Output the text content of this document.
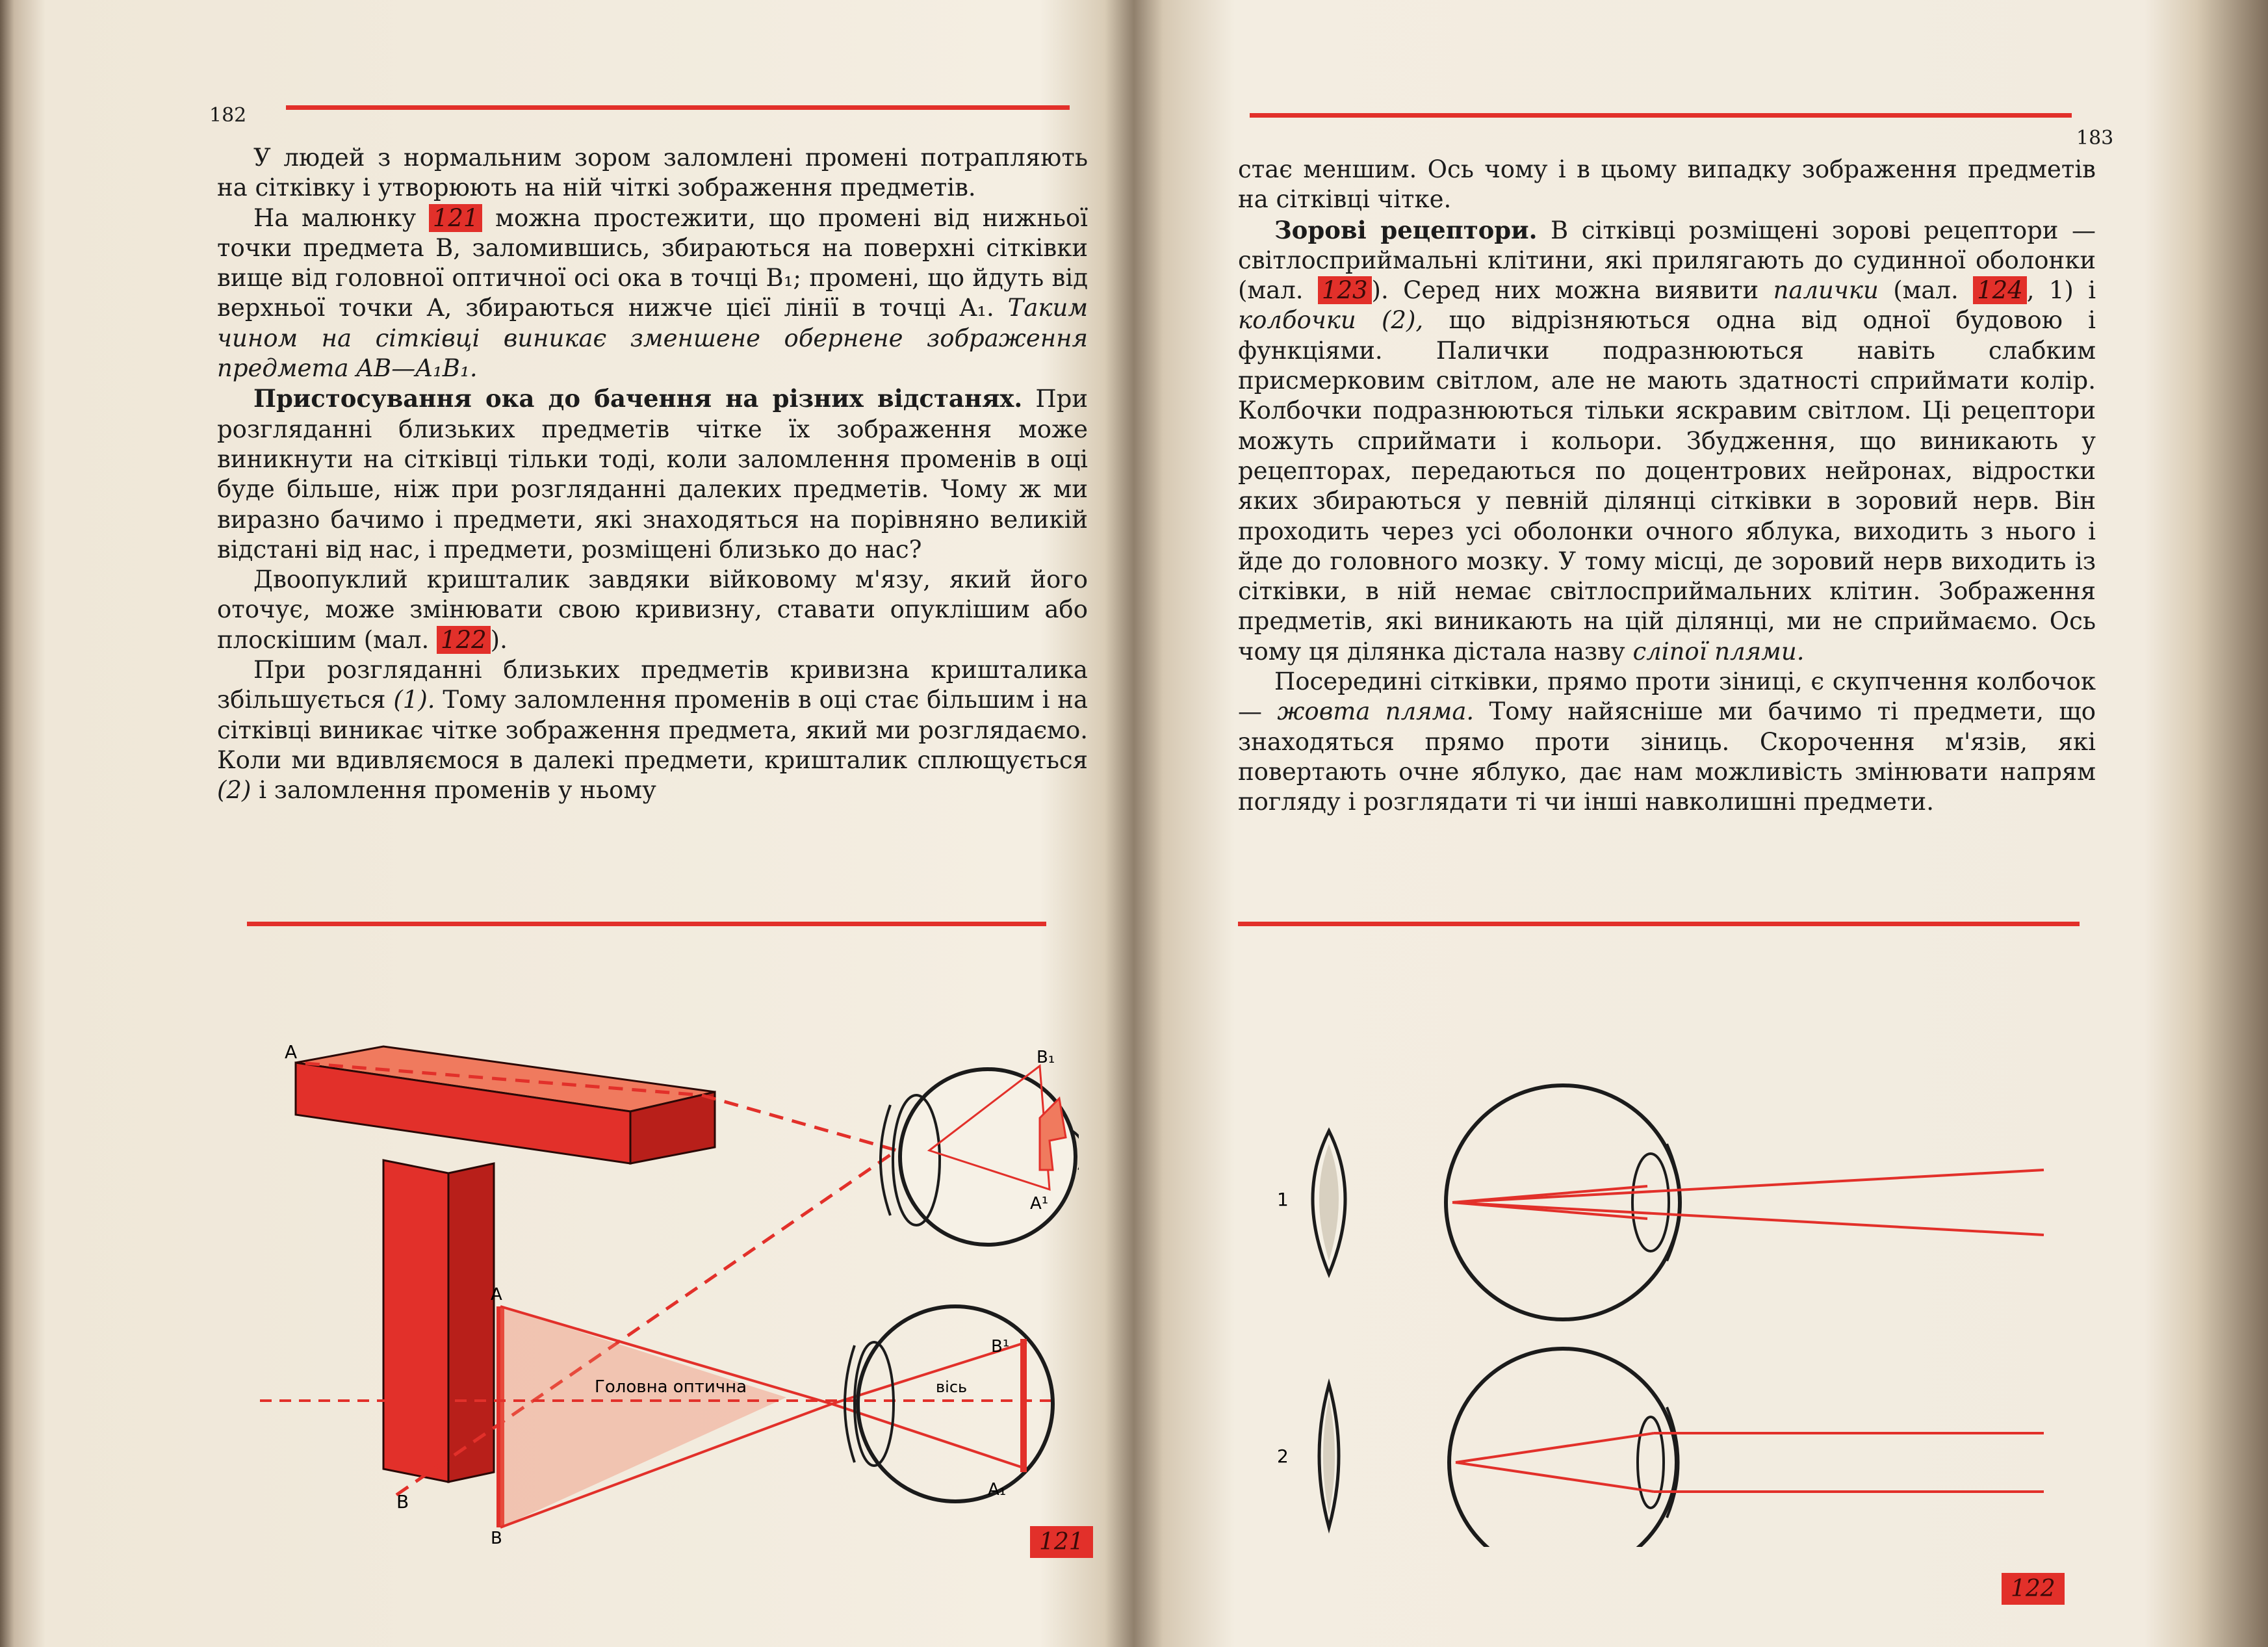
182

У людей з нормальним зором заломлені промені потрапляють на сітківку і утворюють на ній чіткі зображення предметів.

На малюнку 121 можна простежити, що промені від нижньої точки предмета B, заломившись, збираються на поверхні сітківки вище від головної оптичної осі ока в точці B₁; промені, що йдуть від верхньої точки A, збираються нижче цієї лінії в точці A₁. Таким чином на сітківці виникає зменшене обернене зображення предмета AB—A₁B₁.

Пристосування ока до бачення на різних відстанях. При розгляданні близьких предметів чітке їх зображення може виникнути на сітківці тільки тоді, коли заломлення променів в оці буде більше, ніж при розгляданні далеких предметів. Чому ж ми виразно бачимо і предмети, які знаходяться на порівняно великій відстані від нас, і предмети, розміщені близько до нас?

Двоопуклий кришталик завдяки війковому м'язу, який його оточує, може змінювати свою кривизну, ставати опуклішим або плоскішим (мал. 122 ).

При розгляданні близьких предметів кривизна кришталика збільшується (1). Тому заломлення променів в оці стає більшим і на сітківці виникає чітке зображення предмета, який ми розглядаємо. Коли ми вдивляємося в далекі предмети, кришталик сплющується (2) і заломлення променів у ньому

A
B
B₁
A¹
A
B
Головна оптична	вісь
B¹
A₁
121
183

стає меншим. Ось чому і в цьому випадку зображення предметів на сітківці чітке.

Зорові рецептори. В сітківці розміщені зорові рецептори — світлосприймальні клітини, які прилягають до судинної оболонки (мал. 123 ). Серед них можна виявити палички (мал. 124 , 1) і колбочки (2), що відрізняються одна від одної будовою і функціями. Палички подразнюються навіть слабким присмерковим світлом, але не мають здатності сприймати колір. Колбочки подразнюються тільки яскравим світлом. Ці рецептори можуть сприймати і кольори. Збудження, що виникають у рецепторах, передаються по доцентрових нейронах, відростки яких збираються у певній ділянці сітківки в зоровий нерв. Він проходить через усі оболонки очного яблука, виходить з нього і йде до головного мозку. У тому місці, де зоровий нерв виходить із сітківки, в ній немає світлосприймальних клітин. Зображення предметів, які виникають на цій ділянці, ми не сприймаємо. Ось чому ця ділянка дістала назву сліпої плями.

Посередині сітківки, прямо проти зіниці, є скупчення колбочок — жовта пляма. Тому найясніше ми бачимо ті предмети, що знаходяться прямо проти зіниць. Скорочення м'язів, які повертають очне яблуко, дає нам можливість змінювати напрям погляду і розглядати ті чи інші навколишні предмети.

1
2
122
